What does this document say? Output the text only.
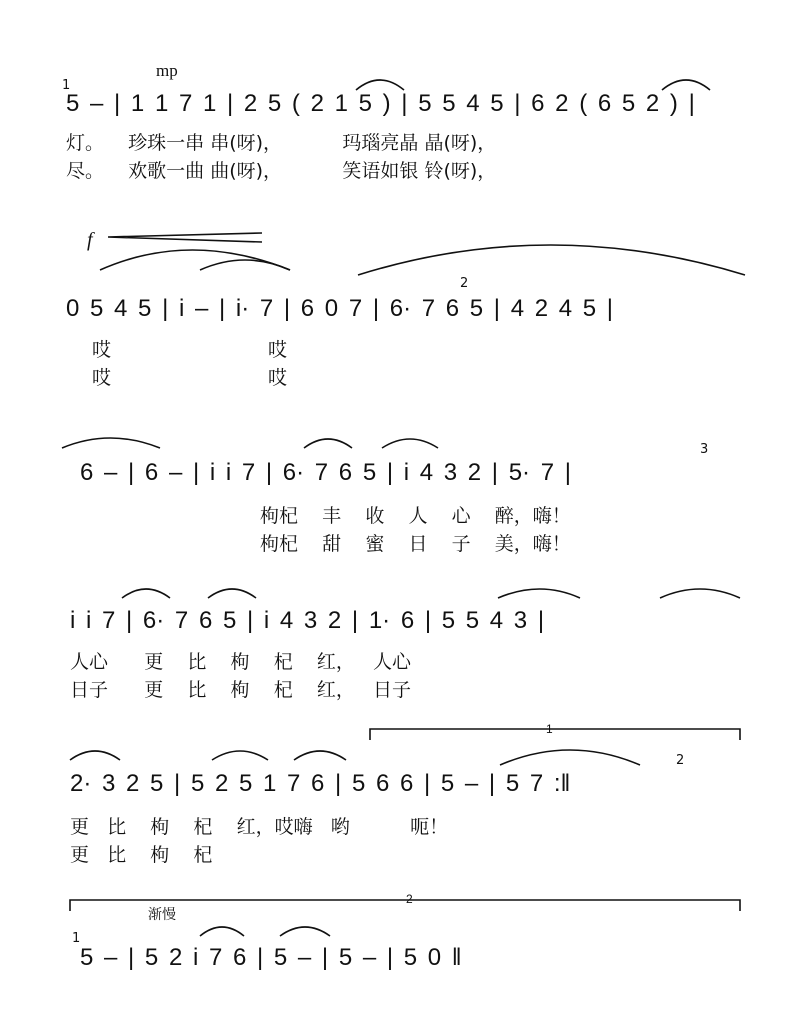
mp
f
渐慢
1
2
1
2
3
2
1
5 – | 1 1 7 1 | 2 5 ( 2 1 5 ) | 5 5 4 5 | 6 2 ( 6 5 2 ) |
灯。    珍珠一串 串(呀)，          玛瑙亮晶 晶(呀)，
尽。    欢歌一曲 曲(呀)，          笑语如银 铃(呀)，
0 5 4 5 | i – | i· 7 | 6 0 7 | 6· 7 6 5 | 4 2 4 5 |
哎                          哎
哎                          哎
6 – | 6 – | i i 7 | 6· 7 6 5 | i 4 3 2 | 5· 7 |
枸杞    丰    收    人    心    醉，嗨！
枸杞    甜    蜜    日    子    美，嗨！
i i 7 | 6· 7 6 5 | i 4 3 2 | 1· 6 | 5 5 4 3 |
人心      更    比    枸    杞    红，   人心
日子      更    比    枸    杞    红，   日子
2· 3 2 5 | 5 2 5 1 7 6 | 5 6 6 | 5 – | 5 7 :‖
更   比    枸    杞    红，哎嗨   哟          呃！
更   比    枸    杞
5 – | 5 2 i 7 6 | 5 – | 5 – | 5 0 ‖
